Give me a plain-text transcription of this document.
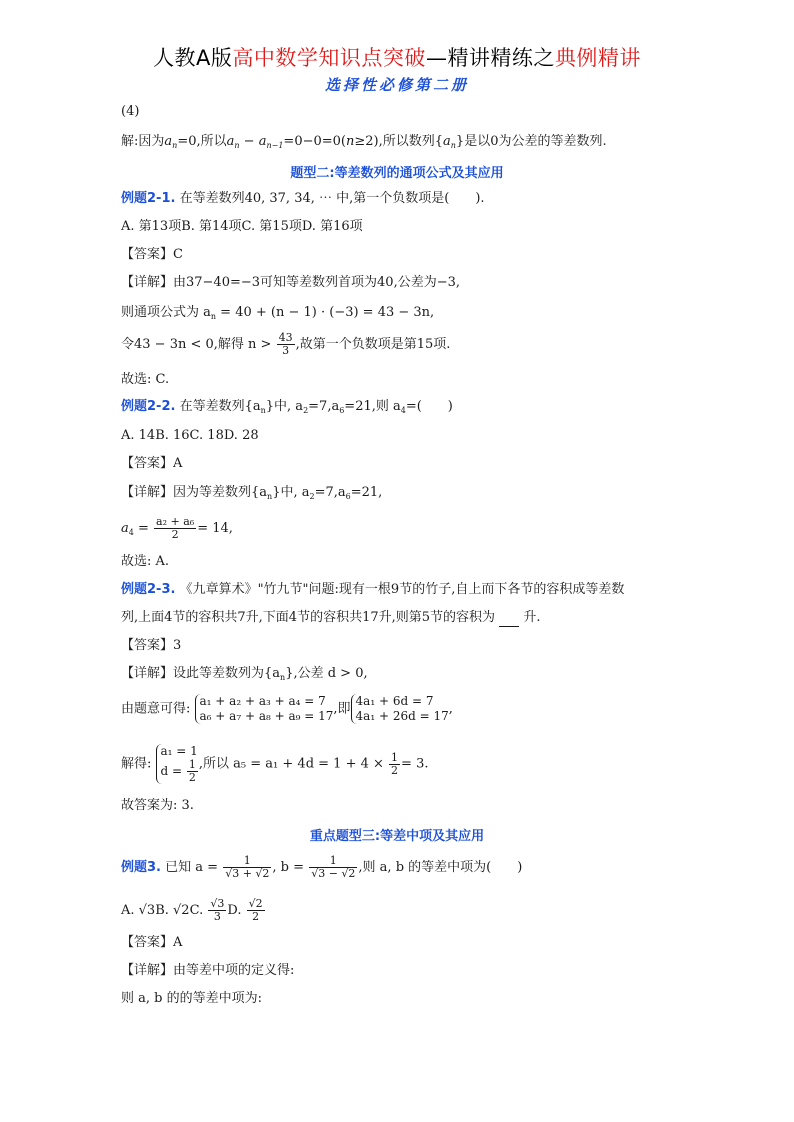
人教A版高中数学知识点突破—精讲精练之典例精讲
选择性必修第二册
(4)
解:因为$a_n=0$,所以$a_n - a_{n-1}=0-0=0(n\ge 2)$,所以数列$\{a_n\}$是以0为公差的等差数列.
题型二:等差数列的通项公式及其应用
例题2-1. 在等差数列40, 37, 34, ⋯ 中,第一个负数项是(　　).
A. 第13项B. 第14项C. 第15项D. 第16项
【答案】C
【详解】由37−40=−3可知等差数列首项为40,公差为−3,
则通项公式为 $a_n = 40 + (n - 1) \cdot (-3) = 43 - 3n$,
令43 − 3n < 0,解得 $n > \frac{43}{3}$ ,故第一个负数项是第15项.
故选: C.
例题2-2. 在等差数列$\{a_n\}$中, $a_2=7,a_6=21$,则 $a_4=$(　　)
A. 14B. 16C. 18D. 28
【答案】A
【详解】因为等差数列$\{a_n\}$中, $a_2=7,a_6=21$,
$a_4 = \frac{\text{a₂ + a₆}}{2} = 14$,
故选: A.
例题2-3. 《九章算术》"竹九节"问题:现有一根9节的竹子,自上而下各节的容积成等差数
列,上面4节的容积共7升,下面4节的容积共17升,则第5节的容积为 升.
【答案】3
【详解】设此等差数列为$\{a_n\}$,公差 d > 0,
由题意可得: a₁ + a₂ + a₃ + a₄ = 7
a₆ + a₇ + a₈ + a₉ = 17,即4a₁ + 6d = 7
4a₁ + 26d = 17,
解得: a₁ = 1
$d = \frac{1}{2}$ ,所以 $a_5 = a_1 + 4d = 1 + 4 \times \frac{1}{2} = 3$.
故答案为: 3.
重点题型三:等差中项及其应用
例题3. 已知 $a = \frac{1}{√3 + √2}$ , $b = \frac{1}{√3 - √2}$ ,则 a, b 的等差中项为(　　)
A. √3B. √2C. $\frac{√3}{3} D$. $\frac{√2}{2}$
【答案】A
【详解】由等差中项的定义得:
则 a, b 的的等差中项为:
